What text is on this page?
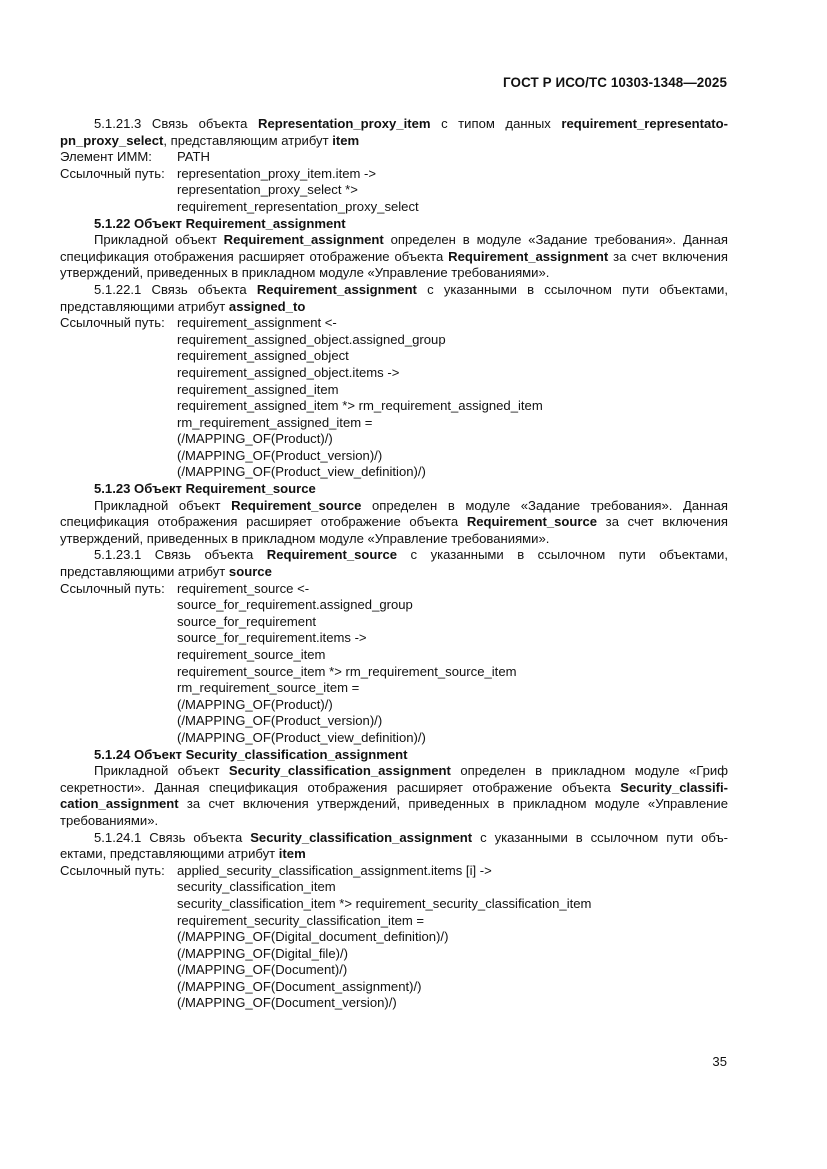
ГОСТ Р ИСО/ТС 10303-1348—2025

5.1.21.3 Связь объекта Representation_proxy_item с типом данных requirement_representato-pn_proxy_select, представляющим атрибут item

Элемент ИММ:	PATH
Ссылочный путь: representation_proxy_item.item ->
representation_proxy_select *>
requirement_representation_proxy_select
5.1.22 Объект Requirement_assignment

Прикладной объект Requirement_assignment определен в модуле «Задание требования». Данная спецификация отображения расширяет отображение объекта Requirement_assignment за счет включения утверждений, приведенных в прикладном модуле «Управление требованиями».

5.1.22.1 Связь объекта Requirement_assignment с указанными в ссылочном пути объектами, представляющими атрибут assigned_to

Ссылочный путь: requirement_assignment <-
requirement_assigned_object.assigned_group
requirement_assigned_object
requirement_assigned_object.items ->
requirement_assigned_item
requirement_assigned_item *> rm_requirement_assigned_item
rm_requirement_assigned_item =
(/MAPPING_OF(Product)/)
(/MAPPING_OF(Product_version)/)
(/MAPPING_OF(Product_view_definition)/)
5.1.23 Объект Requirement_source

Прикладной объект Requirement_source определен в модуле «Задание требования». Данная спецификация отображения расширяет отображение объекта Requirement_source за счет включения утверждений, приведенных в прикладном модуле «Управление требованиями».

5.1.23.1 Связь объекта Requirement_source с указанными в ссылочном пути объектами, представляющими атрибут source

Ссылочный путь: requirement_source <-
source_for_requirement.assigned_group
source_for_requirement
source_for_requirement.items ->
requirement_source_item
requirement_source_item *> rm_requirement_source_item
rm_requirement_source_item =
(/MAPPING_OF(Product)/)
(/MAPPING_OF(Product_version)/)
(/MAPPING_OF(Product_view_definition)/)
5.1.24 Объект Security_classification_assignment

Прикладной объект Security_classification_assignment определен в прикладном модуле «Гриф секретности». Данная спецификация отображения расширяет отображение объекта Security_classifi-cation_assignment за счет включения утверждений, приведенных в прикладном модуле «Управление требованиями».

5.1.24.1 Связь объекта Security_classification_assignment с указанными в ссылочном пути объ-ектами, представляющими атрибут item

Ссылочный путь: applied_security_classification_assignment.items [i] ->
security_classification_item
security_classification_item *> requirement_security_classification_item
requirement_security_classification_item =
(/MAPPING_OF(Digital_document_definition)/)
(/MAPPING_OF(Digital_file)/)
(/MAPPING_OF(Document)/)
(/MAPPING_OF(Document_assignment)/)
(/MAPPING_OF(Document_version)/)
35
